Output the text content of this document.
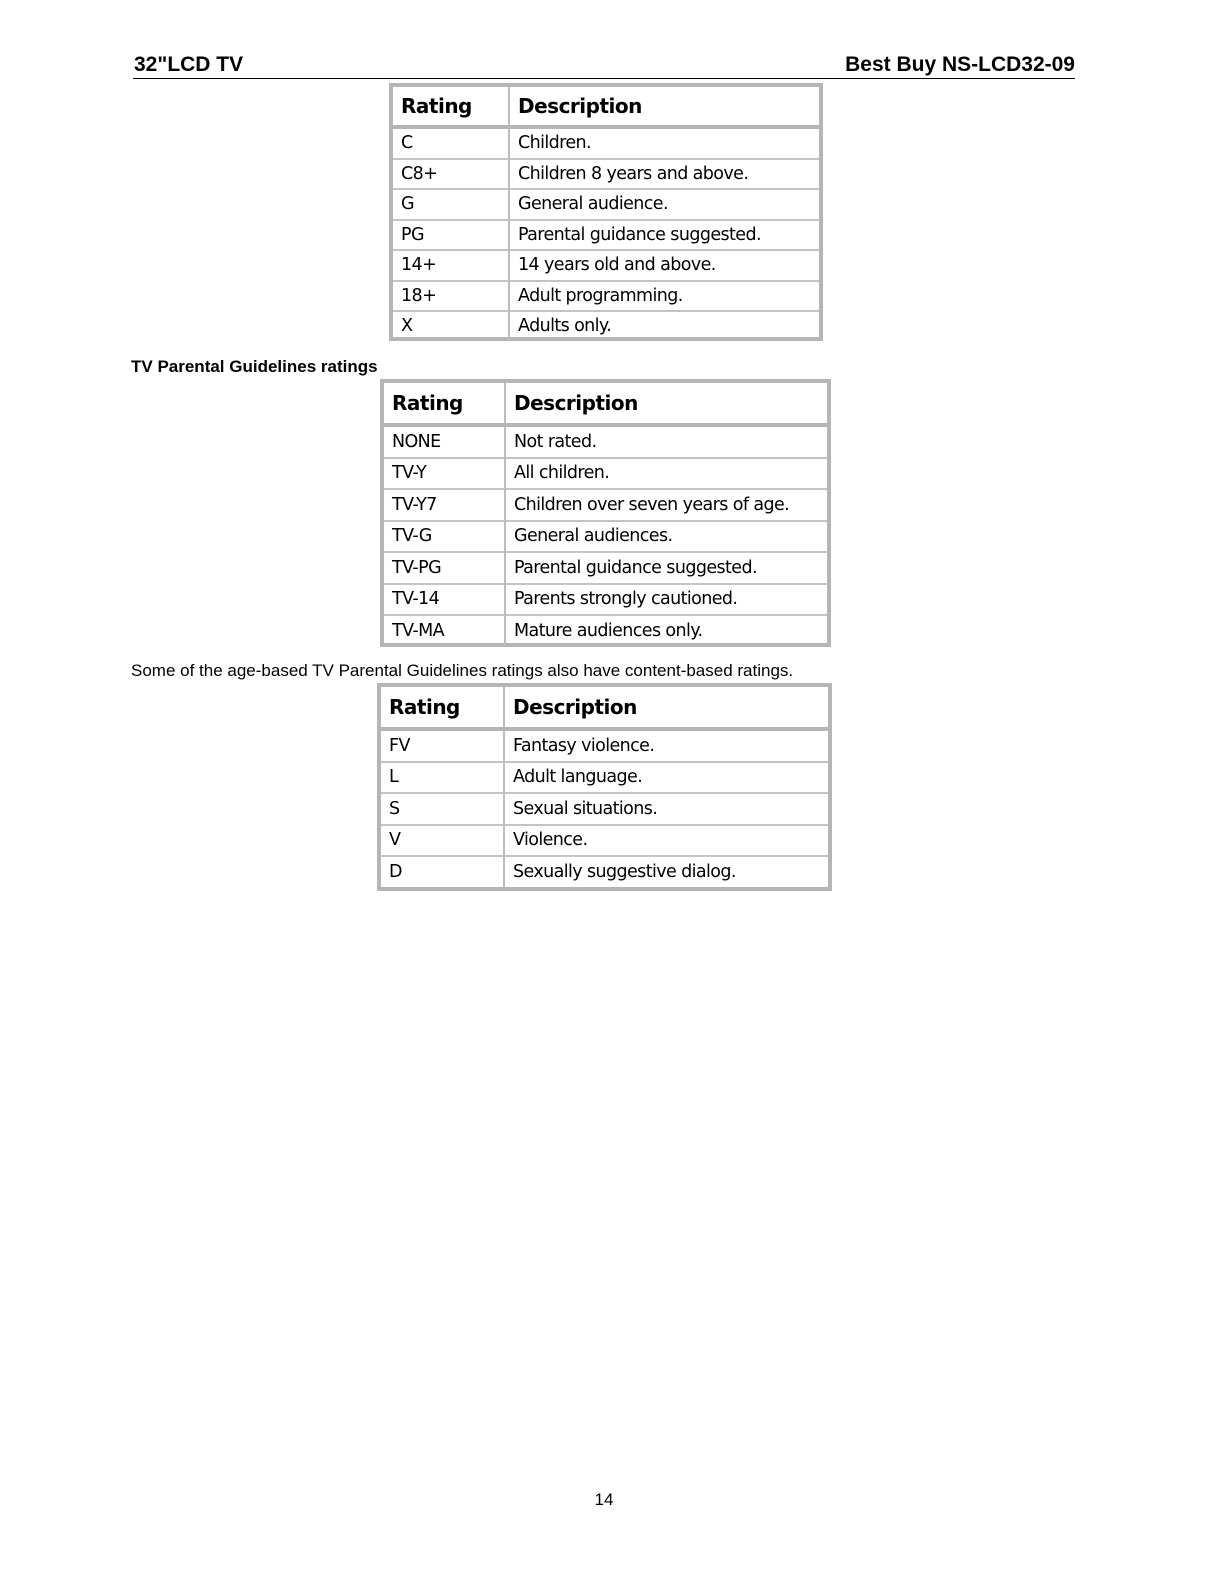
32"LCD TV	Best Buy NS-LCD32-09
Rating	Description
C	Children.
C8+	Children 8 years and above.
G	General audience.
PG	Parental guidance suggested.
14+	14 years old and above.
18+	Adult programming.
X	Adults only.
TV Parental Guidelines ratings
Rating	Description
NONE	Not rated.
TV-Y	All children.
TV-Y7	Children over seven years of age.
TV-G	General audiences.
TV-PG	Parental guidance suggested.
TV-14	Parents strongly cautioned.
TV-MA	Mature audiences only.
Some of the age-based TV Parental Guidelines ratings also have content-based ratings.
Rating	Description
FV	Fantasy violence.
L	Adult language.
S	Sexual situations.
V	Violence.
D	Sexually suggestive dialog.
14
